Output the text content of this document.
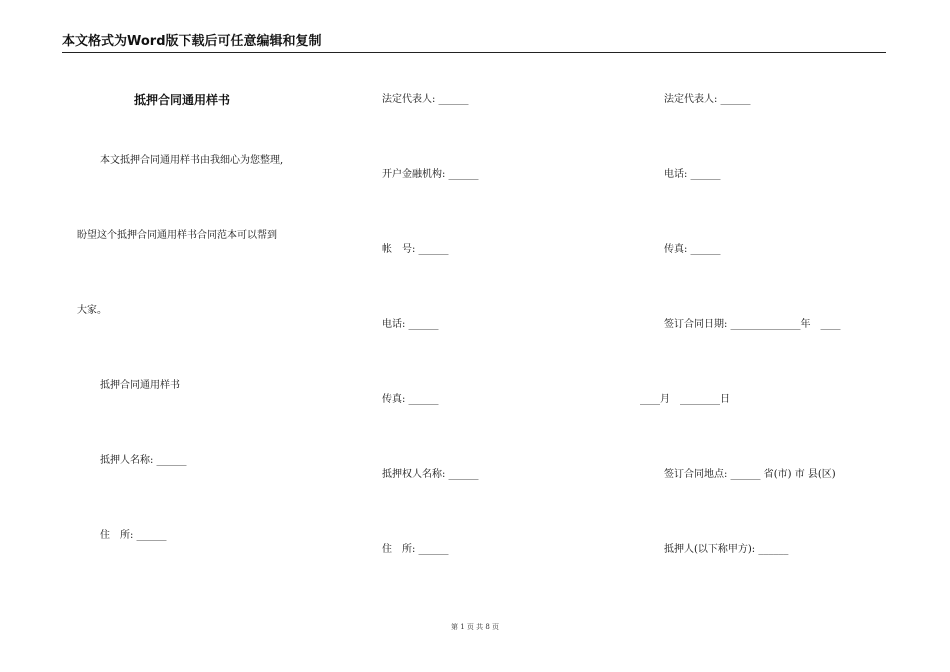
本文格式为Word版下载后可任意编辑和复制
抵押合同通用样书
本文抵押合同通用样书由我细心为您整理,
盼望这个抵押合同通用样书合同范本可以帮到
大家。
抵押合同通用样书
抵押人名称: ______
住　所: ______
法定代表人: ______
开户金融机构: ______
帐　号: ______
电话: ______
传真: ______
抵押权人名称: ______
住　所: ______
法定代表人: ______
电话: ______
传真: ______
签订合同日期: ______________年　____
____月　________日
签订合同地点: ______ 省(市) 市 县(区)
抵押人(以下称甲方): ______
第 1 页 共 8 页
